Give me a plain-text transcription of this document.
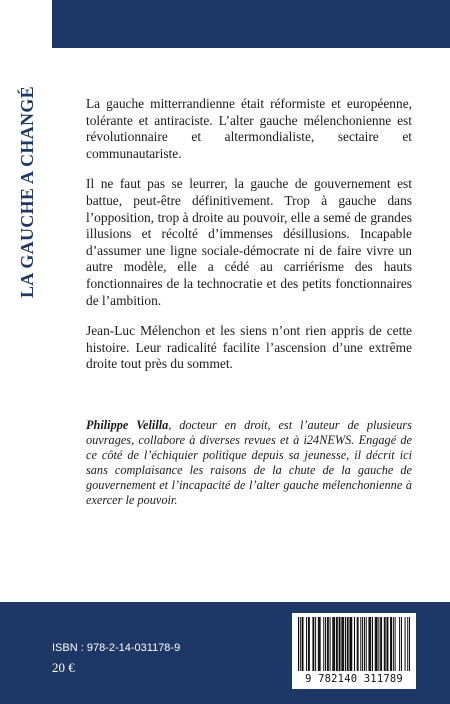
LA GAUCHE A CHANGÉ	La gauche mitterrandienne était réformiste et européenne, tolérante et antiraciste. L’alter gauche mélenchonienne est révolutionnaire et altermondialiste, sectaire et communautariste.

Il ne faut pas se leurrer, la gauche de gouvernement est battue, peut-être définitivement. Trop à gauche dans l’opposition, trop à droite au pouvoir, elle a semé de grandes illusions et récolté d’immenses désillusions. Incapable d’assumer une ligne sociale-démocrate ni de faire vivre un autre modèle, elle a cédé au carriérisme des hauts fonctionnaires de la technocratie et des petits fonctionnaires de l’ambition.

Jean-Luc Mélenchon et les siens n’ont rien appris de cette histoire. Leur radicalité facilite l’ascension d’une extrême droite tout près du sommet.

Philippe Velilla, docteur en droit, est l’auteur de plusieurs ouvrages, collabore à diverses revues et à i24NEWS. Engagé de ce côté de l’échiquier politique depuis sa jeunesse, il décrit ici sans complaisance les raisons de la chute de la gauche de gouvernement et l’incapacité de l’alter gauche mélenchonienne à exercer le pouvoir.

ISBN : 978-2-14-031178-9
20 €
9 782140 311789
